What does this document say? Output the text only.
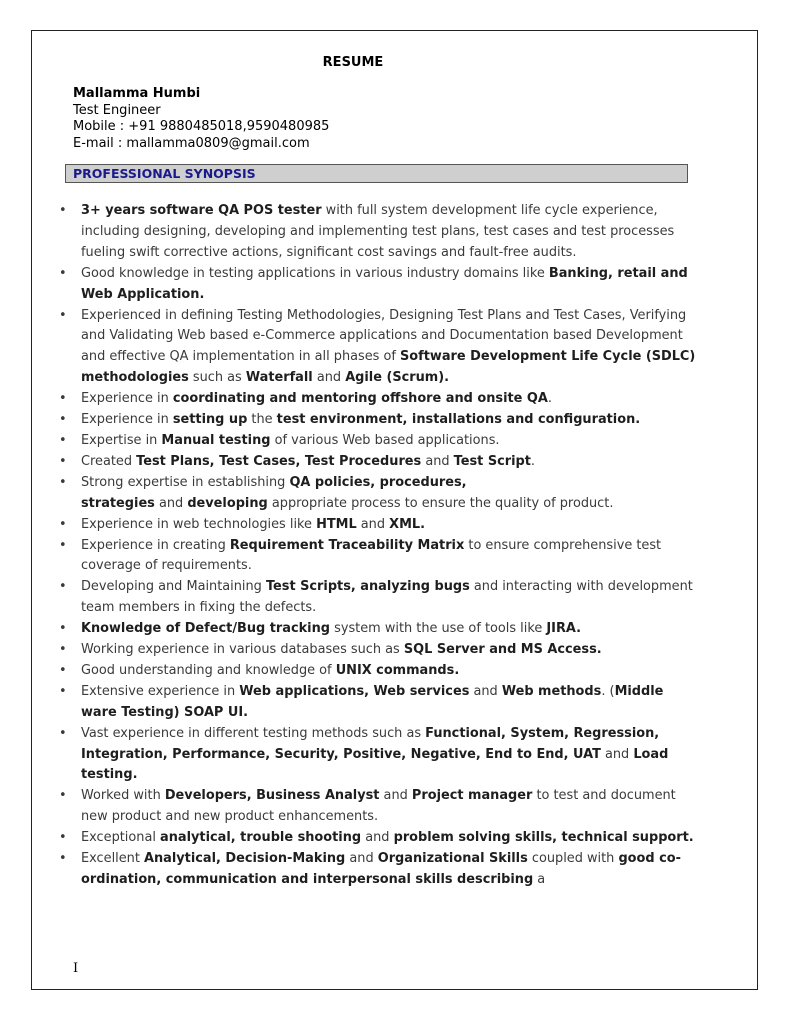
RESUME
Mallamma Humbi
Test Engineer
Mobile : +91 9880485018,9590480985
E-mail : mallamma0809@gmail.com
PROFESSIONAL SYNOPSIS
• 3+ years software QA POS tester with full system development life cycle experience, including designing, developing and implementing test plans, test cases and test processes fueling swift corrective actions, significant cost savings and fault-free audits.
• Good knowledge in testing applications in various industry domains like Banking, retail and Web Application.
• Experienced in defining Testing Methodologies, Designing Test Plans and Test Cases, Verifying and Validating Web based e-Commerce applications and Documentation based Development and effective QA implementation in all phases of Software Development Life Cycle (SDLC) methodologies such as Waterfall and Agile (Scrum).
• Experience in coordinating and mentoring offshore and onsite QA.
• Experience in setting up the test environment, installations and configuration.
• Expertise in Manual testing of various Web based applications.
• Created Test Plans, Test Cases, Test Procedures and Test Script.
• Strong expertise in establishing QA policies, procedures,
strategies and developing appropriate process to ensure the quality of product.
• Experience in web technologies like HTML and XML.
• Experience in creating Requirement Traceability Matrix to ensure comprehensive test coverage of requirements.
• Developing and Maintaining Test Scripts, analyzing bugs and interacting with development team members in fixing the defects.
• Knowledge of Defect/Bug tracking system with the use of tools like JIRA.
• Working experience in various databases such as SQL Server and MS Access.
• Good understanding and knowledge of UNIX commands.
• Extensive experience in Web applications, Web services and Web methods. (Middle ware Testing) SOAP UI.
• Vast experience in different testing methods such as Functional, System, Regression, Integration, Performance, Security, Positive, Negative, End to End, UAT and Load testing.
• Worked with Developers, Business Analyst and Project manager to test and document new product and new product enhancements.
• Exceptional analytical, trouble shooting and problem solving skills, technical support.
• Excellent Analytical, Decision-Making and Organizational Skills coupled with good co-ordination, communication and interpersonal skills describing a
I
